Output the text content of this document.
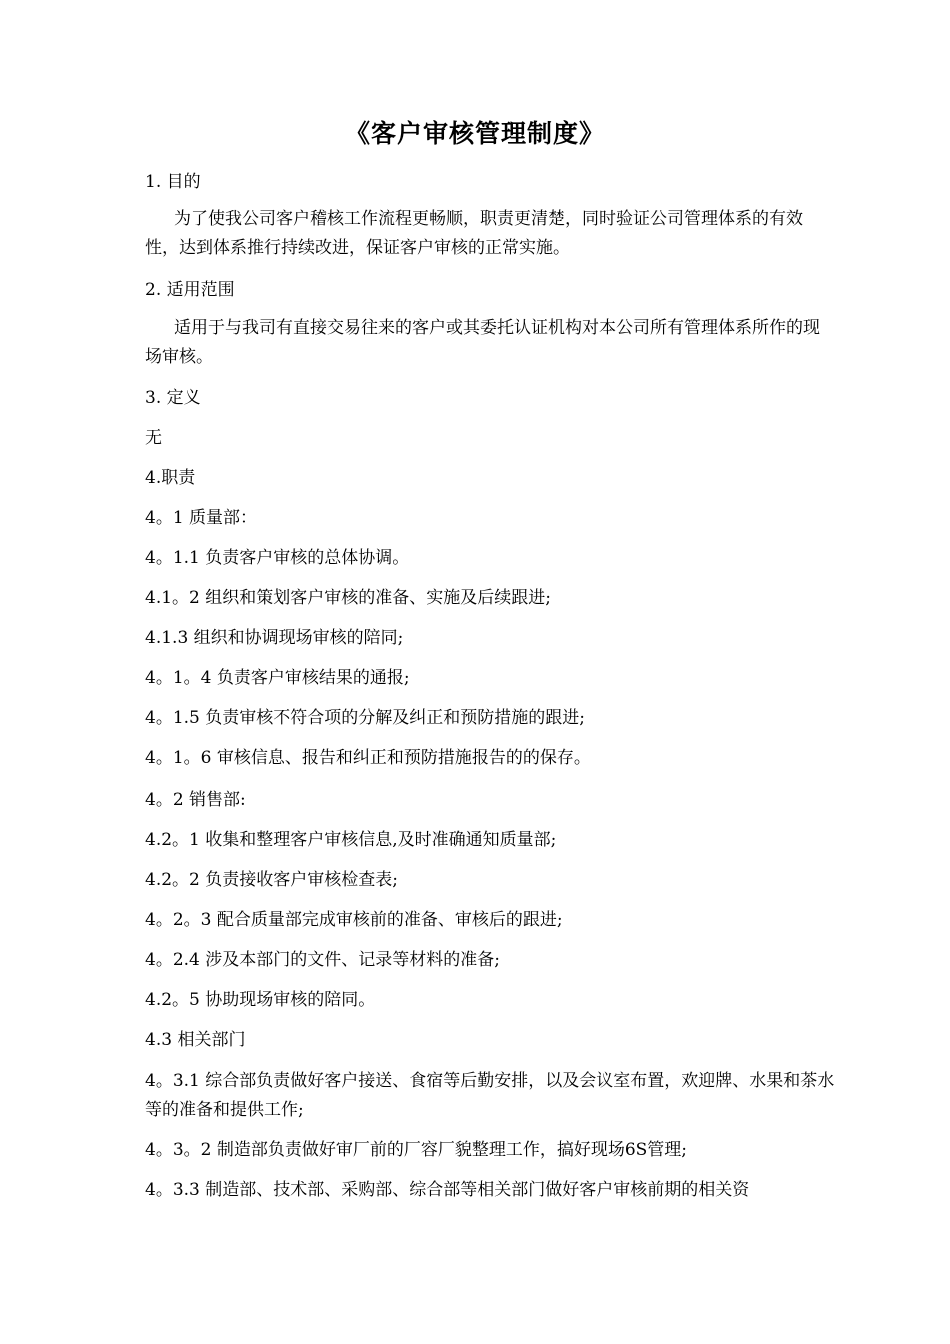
《客户审核管理制度》
1. 目的
为了使我公司客户稽核工作流程更畅顺，职责更清楚，同时验证公司管理体系的有效性，达到体系推行持续改进，保证客户审核的正常实施。
2. 适用范围
适用于与我司有直接交易往来的客户或其委托认证机构对本公司所有管理体系所作的现场审核。
3. 定义
无
4.职责
4。1 质量部：
4。1.1 负责客户审核的总体协调。
4.1。2 组织和策划客户审核的准备、实施及后续跟进;
4.1.3 组织和协调现场审核的陪同;
4。1。4 负责客户审核结果的通报;
4。1.5 负责审核不符合项的分解及纠正和预防措施的跟进;
4。1。6 审核信息、报告和纠正和预防措施报告的的保存。
4。2 销售部:
4.2。1 收集和整理客户审核信息,及时准确通知质量部;
4.2。2 负责接收客户审核检查表;
4。2。3 配合质量部完成审核前的准备、审核后的跟进;
4。2.4 涉及本部门的文件、记录等材料的准备;
4.2。5 协助现场审核的陪同。
4.3 相关部门
4。3.1 综合部负责做好客户接送、食宿等后勤安排，以及会议室布置，欢迎牌、水果和茶水等的准备和提供工作;
4。3。2 制造部负责做好审厂前的厂容厂貌整理工作，搞好现场6S管理;
4。3.3 制造部、技术部、采购部、综合部等相关部门做好客户审核前期的相关资
